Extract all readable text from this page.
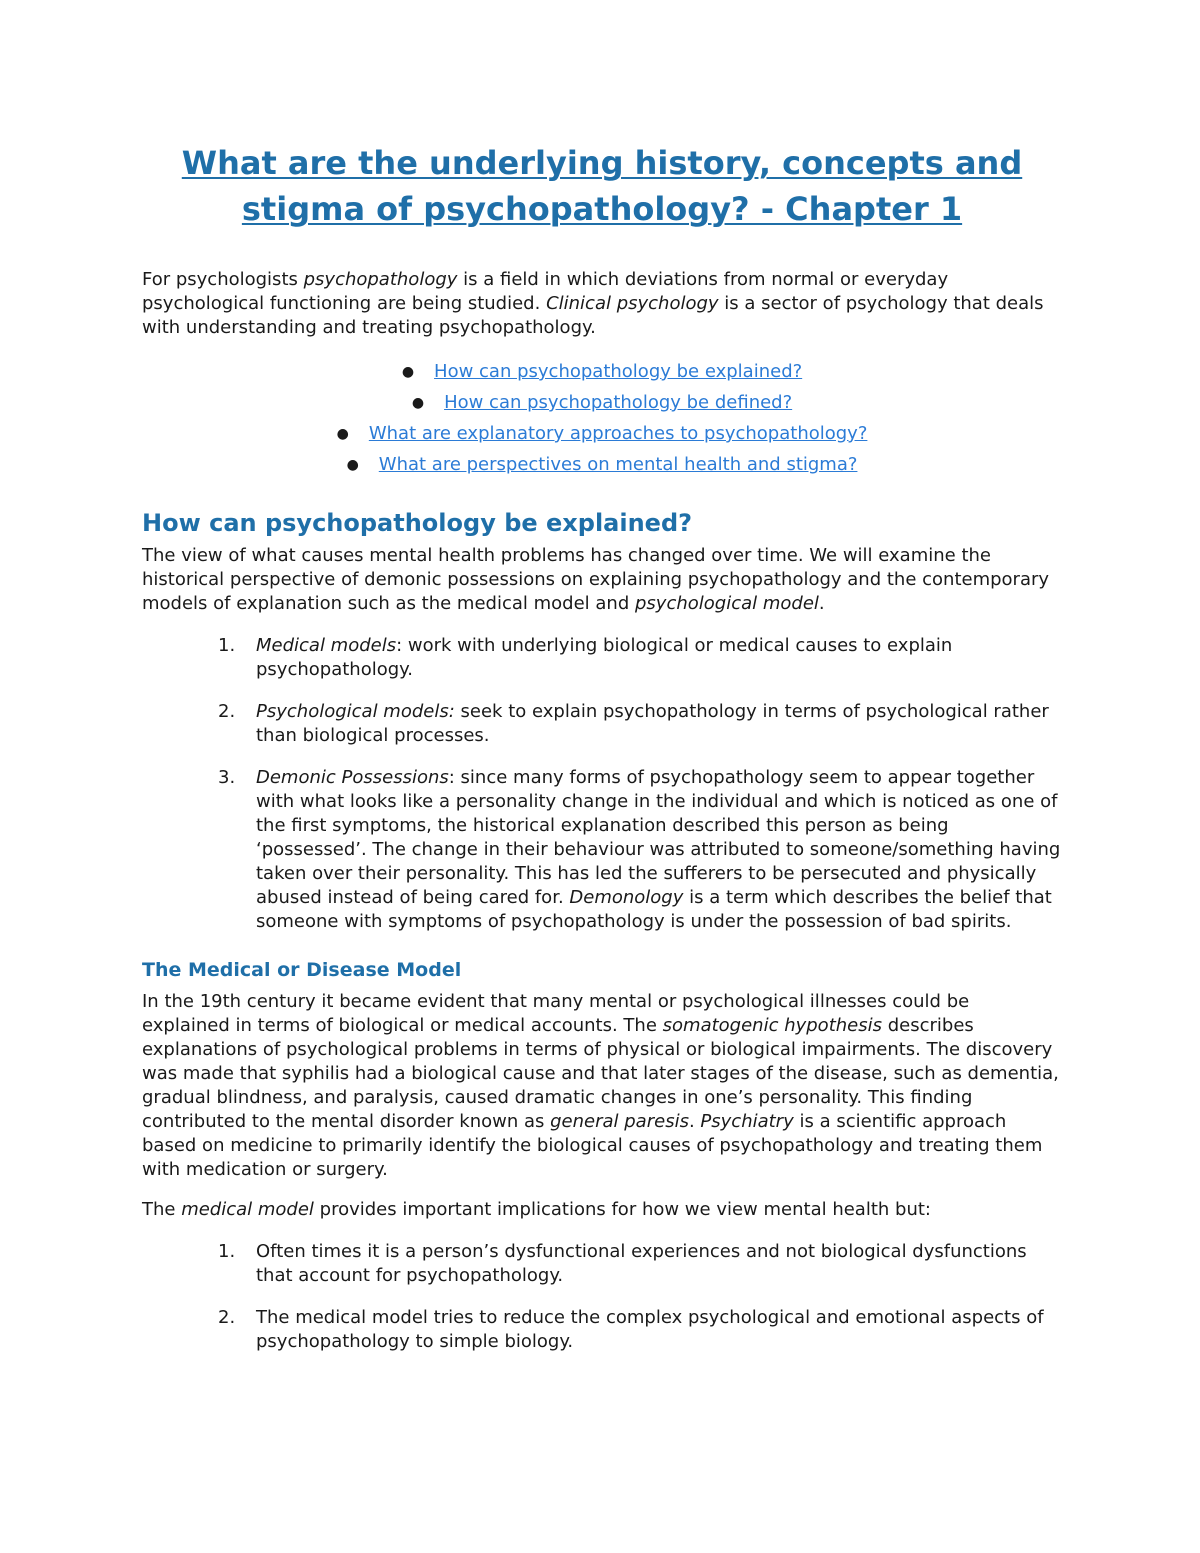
What are the underlying history, concepts and stigma of psychopathology? - Chapter 1

For psychologists psychopathology is a field in which deviations from normal or everyday psychological functioning are being studied. Clinical psychology is a sector of psychology that deals with understanding and treating psychopathology.

● How can psychopathology be explained?
● How can psychopathology be defined?
● What are explanatory approaches to psychopathology?
● What are perspectives on mental health and stigma?
How can psychopathology be explained?

The view of what causes mental health problems has changed over time. We will examine the historical perspective of demonic possessions on explaining psychopathology and the contemporary models of explanation such as the medical model and psychological model.

1. Medical models: work with underlying biological or medical causes to explain psychopathology.
2. Psychological models: seek to explain psychopathology in terms of psychological rather than biological processes.
3. Demonic Possessions: since many forms of psychopathology seem to appear together with what looks like a personality change in the individual and which is noticed as one of the first symptoms, the historical explanation described this person as being ‘possessed’. The change in their behaviour was attributed to someone/something having taken over their personality. This has led the sufferers to be persecuted and physically abused instead of being cared for. Demonology is a term which describes the belief that someone with symptoms of psychopathology is under the possession of bad spirits.
The Medical or Disease Model

In the 19th century it became evident that many mental or psychological illnesses could be explained in terms of biological or medical accounts. The somatogenic hypothesis describes explanations of psychological problems in terms of physical or biological impairments. The discovery was made that syphilis had a biological cause and that later stages of the disease, such as dementia, gradual blindness, and paralysis, caused dramatic changes in one’s personality. This finding contributed to the mental disorder known as general paresis. Psychiatry is a scientific approach based on medicine to primarily identify the biological causes of psychopathology and treating them with medication or surgery.

The medical model provides important implications for how we view mental health but:

1. Often times it is a person’s dysfunctional experiences and not biological dysfunctions that account for psychopathology.
2. The medical model tries to reduce the complex psychological and emotional aspects of psychopathology to simple biology.
